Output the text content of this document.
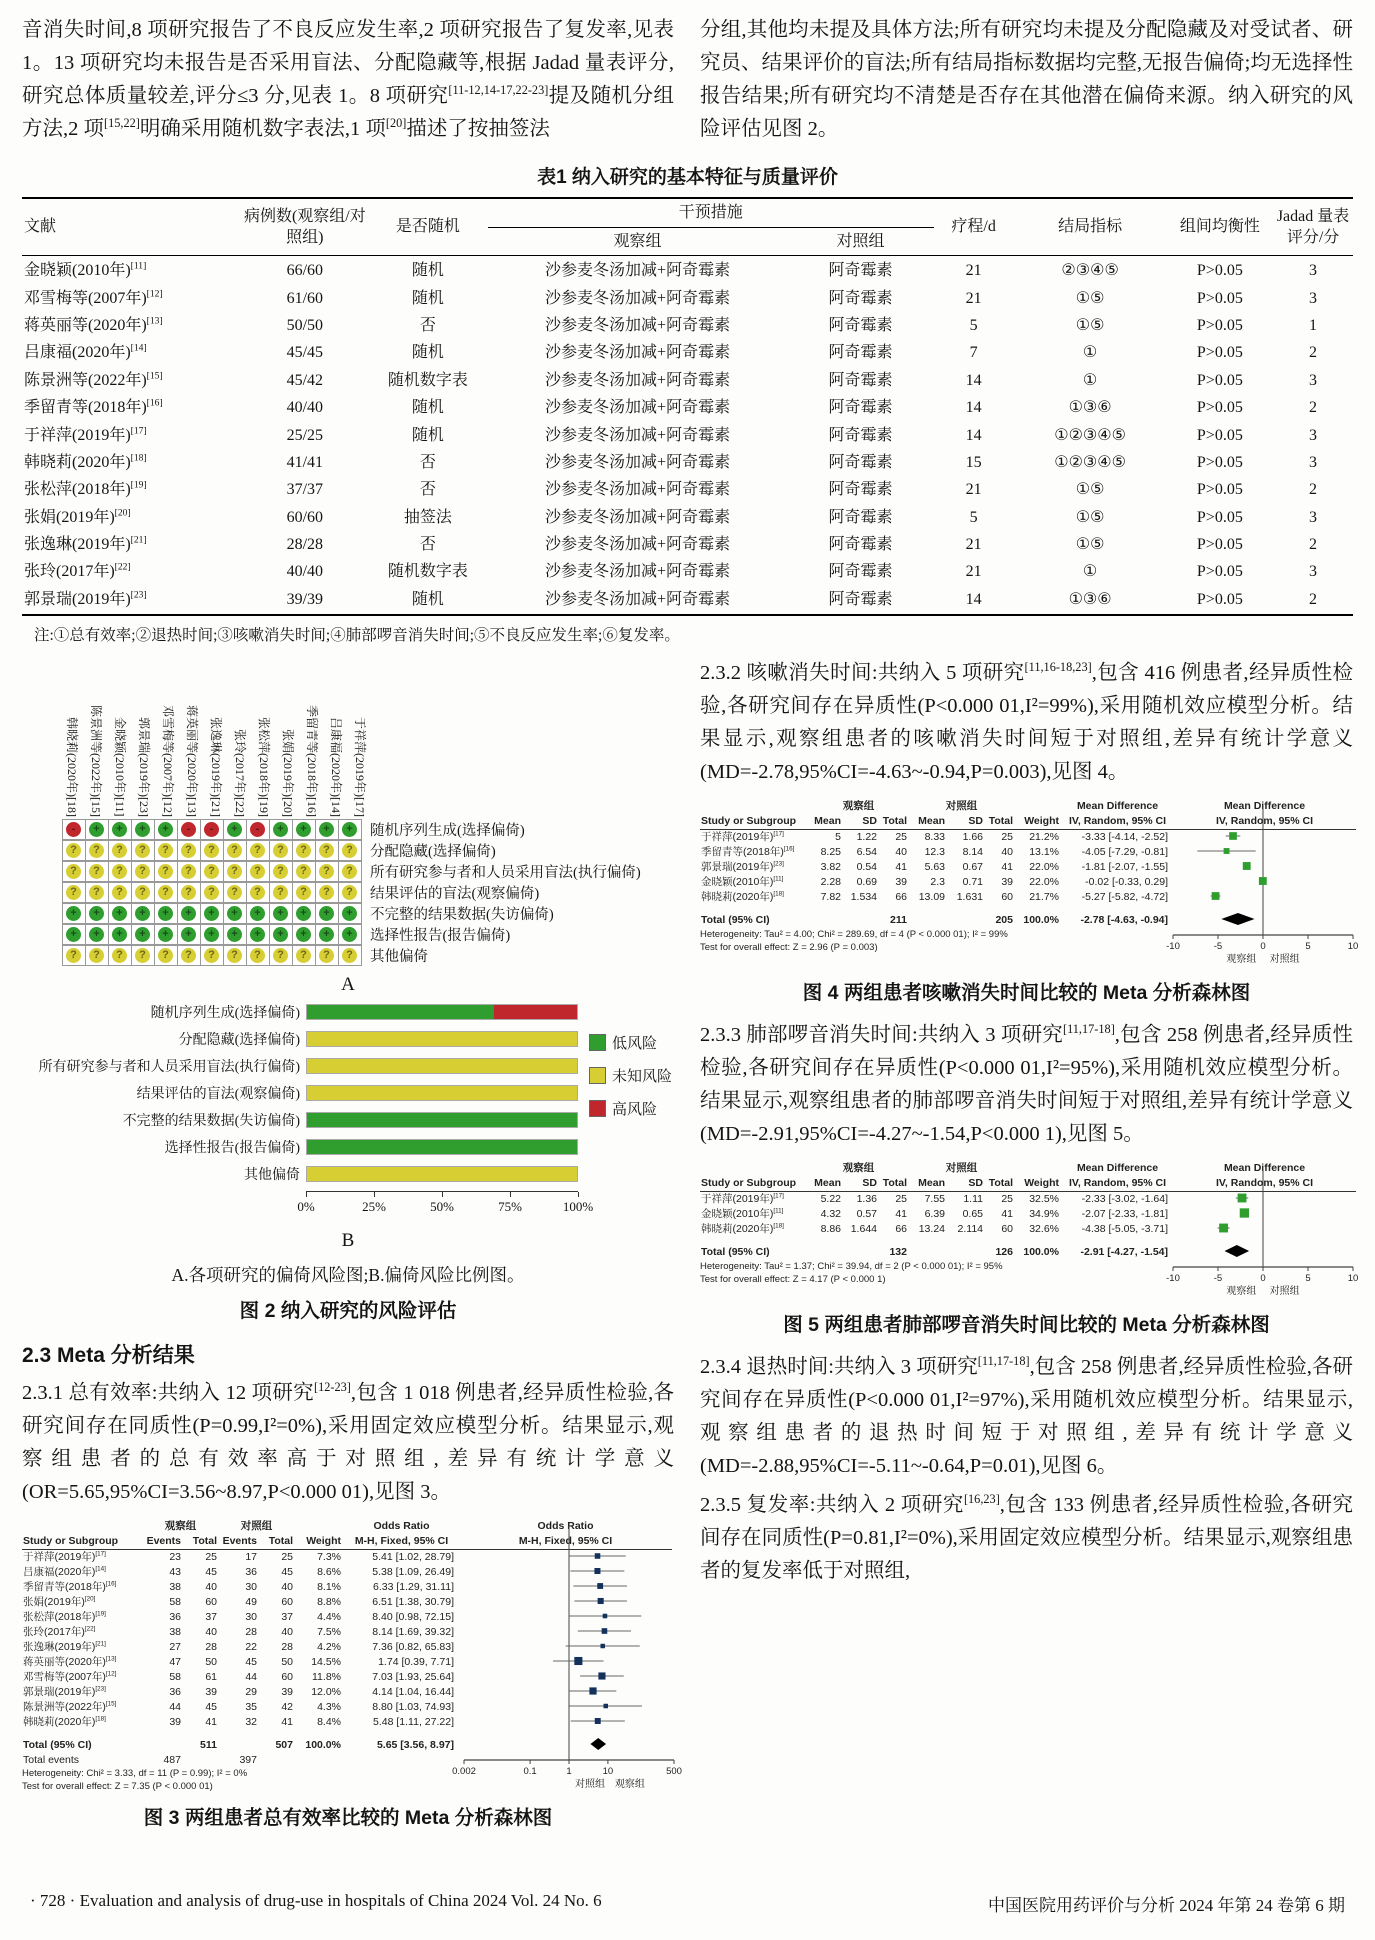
音消失时间,8 项研究报告了不良反应发生率,2 项研究报告了复发率,见表 1。13 项研究均未报告是否采用盲法、分配隐藏等,根据 Jadad 量表评分,研究总体质量较差,评分≤3 分,见表 1。8 项研究[11-12,14-17,22-23]提及随机分组方法,2 项[15,22]明确采用随机数字表法,1 项[20]描述了按抽签法

分组,其他均未提及具体方法;所有研究均未提及分配隐藏及对受试者、研究员、结果评价的盲法;所有结局指标数据均完整,无报告偏倚;均无选择性报告结果;所有研究均不清楚是否存在其他潜在偏倚来源。纳入研究的风险评估见图 2。

表1 纳入研究的基本特征与质量评价
文献	病例数(观察组/对照组)	是否随机	干预措施		疗程/d	结局指标	组间均衡性	Jadad 量表评分/分
			观察组	对照组				
金晓颖(2010年)[11]	66/60	随机	沙参麦冬汤加减+阿奇霉素	阿奇霉素	21	②③④⑤	P>0.05	3
邓雪梅等(2007年)[12]	61/60	随机	沙参麦冬汤加减+阿奇霉素	阿奇霉素	21	①⑤	P>0.05	3
蒋英丽等(2020年)[13]	50/50	否	沙参麦冬汤加减+阿奇霉素	阿奇霉素	5	①⑤	P>0.05	1
吕康福(2020年)[14]	45/45	随机	沙参麦冬汤加减+阿奇霉素	阿奇霉素	7	①	P>0.05	2
陈景洲等(2022年)[15]	45/42	随机数字表	沙参麦冬汤加减+阿奇霉素	阿奇霉素	14	①	P>0.05	3
季留青等(2018年)[16]	40/40	随机	沙参麦冬汤加减+阿奇霉素	阿奇霉素	14	①③⑥	P>0.05	2
于祥萍(2019年)[17]	25/25	随机	沙参麦冬汤加减+阿奇霉素	阿奇霉素	14	①②③④⑤	P>0.05	3
韩晓莉(2020年)[18]	41/41	否	沙参麦冬汤加减+阿奇霉素	阿奇霉素	15	①②③④⑤	P>0.05	3
张松萍(2018年)[19]	37/37	否	沙参麦冬汤加减+阿奇霉素	阿奇霉素	21	①⑤	P>0.05	2
张娟(2019年)[20]	60/60	抽签法	沙参麦冬汤加减+阿奇霉素	阿奇霉素	5	①⑤	P>0.05	3
张逸琳(2019年)[21]	28/28	否	沙参麦冬汤加减+阿奇霉素	阿奇霉素	21	①⑤	P>0.05	2
张玲(2017年)[22]	40/40	随机数字表	沙参麦冬汤加减+阿奇霉素	阿奇霉素	21	①	P>0.05	3
郭景瑞(2019年)[23]	39/39	随机	沙参麦冬汤加减+阿奇霉素	阿奇霉素	14	①③⑥	P>0.05	2
注:①总有效率;②退热时间;③咳嗽消失时间;④肺部啰音消失时间;⑤不良反应发生率;⑥复发率。
韩晓莉(2020年)[18] 陈景洲等(2022年)[15] 金晓颖(2010年)[11] 郭景瑞(2019年)[23] 邓雪梅等(2007年)[12] 蒋英丽等(2020年)[13] 张逸琳(2019年)[21] 张玲(2017年)[22] 张松萍(2018年)[19] 张娟(2019年)[20] 季留青等(2018年)[16] 吕康福(2020年)[14] 于祥萍(2019年)[17]
-	+	+	+	+	-	-	+	-	+	+	+	+ 随机序列生成(选择偏倚)
?	?	?	?	?	?	?	?	?	?	?	?	? 分配隐藏(选择偏倚)
?	?	?	?	?	?	?	?	?	?	?	?	? 所有研究参与者和人员采用盲法(执行偏倚)
?	?	?	?	?	?	?	?	?	?	?	?	? 结果评估的盲法(观察偏倚)
+	+	+	+	+	+	+	+	+	+	+	+	+ 不完整的结果数据(失访偏倚)
+	+	+	+	+	+	+	+	+	+	+	+	+ 选择性报告(报告偏倚)
?	?	?	?	?	?	?	?	?	?	?	?	? 其他偏倚
A
随机序列生成(选择偏倚)
分配隐藏(选择偏倚)
所有研究参与者和人员采用盲法(执行偏倚)
结果评估的盲法(观察偏倚)
不完整的结果数据(失访偏倚)
选择性报告(报告偏倚)
其他偏倚
0%	25%	50%	75%	100%
低风险
未知风险
高风险
B
A.各项研究的偏倚风险图;B.偏倚风险比例图。
图 2 纳入研究的风险评估
2.3 Meta 分析结果

2.3.1 总有效率:共纳入 12 项研究[12-23],包含 1 018 例患者,经异质性检验,各研究间存在同质性(P=0.99,I²=0%),采用固定效应模型分析。结果显示,观察组患者的总有效率高于对照组,差异有统计学意义(OR=5.65,95%CI=3.56~8.97,P<0.000 01),见图 3。

观察组	对照组	Odds Ratio	Odds Ratio
Study or Subgroup	Events	Total Events	Total	Weight	M-H, Fixed, 95% CI	M-H, Fixed, 95% CI
于祥萍(2019年)[17]	23	25	17	25	7.3%	5.41 [1.02, 28.79]
吕康福(2020年)[14]	43	45	36	45	8.6%	5.38 [1.09, 26.49]
季留青等(2018年)[16]	38	40	30	40	8.1%	6.33 [1.29, 31.11]
张娟(2019年)[20]	58	60	49	60	8.8%	6.51 [1.38, 30.79]
张松萍(2018年)[19]	36	37	30	37	4.4%	8.40 [0.98, 72.15]
张玲(2017年)[22]	38	40	28	40	7.5%	8.14 [1.69, 39.32]
张逸琳(2019年)[21]	27	28	22	28	4.2%	7.36 [0.82, 65.83]
蒋英丽等(2020年)[13]	47	50	45	50	14.5%	1.74 [0.39, 7.71]
邓雪梅等(2007年)[12]	58	61	44	60	11.8%	7.03 [1.93, 25.64]
郭景瑞(2019年)[23]	36	39	29	39	12.0%	4.14 [1.04, 16.44]
陈景洲等(2022年)[15]	44	45	35	42	4.3%	8.80 [1.03, 74.93]
韩晓莉(2020年)[18]	39	41	32	41	8.4%	5.48 [1.11, 27.22]
Total (95% CI)	511	507	100.0%	5.65 [3.56, 8.97]
Total events	487	397
Heterogeneity: Chi² = 3.33, df = 11 (P = 0.99); I² = 0%
Test for overall effect: Z = 7.35 (P < 0.000 01)
0.002	0.1	1	10	500
对照组 观察组
图 3 两组患者总有效率比较的 Meta 分析森林图

2.3.2 咳嗽消失时间:共纳入 5 项研究[11,16-18,23],包含 416 例患者,经异质性检验,各研究间存在异质性(P<0.000 01,I²=99%),采用随机效应模型分析。结果显示,观察组患者的咳嗽消失时间短于对照组,差异有统计学意义(MD=-2.78,95%CI=-4.63~-0.94,P=0.003),见图 4。

观察组	对照组	Mean Difference	Mean Difference
Study or Subgroup	Mean	SD Total	Mean	SD Total	Weight IV, Random, 95% CI	IV, Random, 95% CI
于祥萍(2019年)[17]	5	1.22	25	8.33	1.66	25	21.2%	-3.33 [-4.14, -2.52]
季留青等(2018年)[16]	8.25	6.54	40	12.3	8.14	40	13.1%	-4.05 [-7.29, -0.81]
郭景瑞(2019年)[23]	3.82	0.54	41	5.63	0.67	41	22.0%	-1.81 [-2.07, -1.55]
金晓颖(2010年)[11]	2.28	0.69	39	2.3	0.71	39	22.0%	-0.02 [-0.33, 0.29]
韩晓莉(2020年)[18]	7.82 1.534	66	13.09	1.631	60	21.7%	-5.27 [-5.82, -4.72]
Total (95% CI)	211	205 100.0%	-2.78 [-4.63, -0.94]
Heterogeneity: Tau² = 4.00; Chi² = 289.69, df = 4 (P < 0.000 01); I² = 99%
Test for overall effect: Z = 2.96 (P = 0.003)	-10	-5	0	5	10
观察组 对照组
图 4 两组患者咳嗽消失时间比较的 Meta 分析森林图

2.3.3 肺部啰音消失时间:共纳入 3 项研究[11,17-18],包含 258 例患者,经异质性检验,各研究间存在异质性(P<0.000 01,I²=95%),采用随机效应模型分析。结果显示,观察组患者的肺部啰音消失时间短于对照组,差异有统计学意义(MD=-2.91,95%CI=-4.27~-1.54,P<0.000 1),见图 5。

观察组	对照组	Mean Difference	Mean Difference
Study or Subgroup	Mean	SD Total	Mean	SD Total	Weight IV, Random, 95% CI	IV, Random, 95% CI
于祥萍(2019年)[17]	5.22	1.36	25	7.55	1.11	25	32.5%	-2.33 [-3.02, -1.64]
金晓颖(2010年)[11]	4.32	0.57	41	6.39	0.65	41	34.9%	-2.07 [-2.33, -1.81]
韩晓莉(2020年)[18]	8.86 1.644	66	13.24	2.114	60	32.6%	-4.38 [-5.05, -3.71]
Total (95% CI)	132	126 100.0%	-2.91 [-4.27, -1.54]
Heterogeneity: Tau² = 1.37; Chi² = 39.94, df = 2 (P < 0.000 01); I² = 95%
Test for overall effect: Z = 4.17 (P < 0.000 1)	-10	-5	0	5	10
观察组 对照组
图 5 两组患者肺部啰音消失时间比较的 Meta 分析森林图

2.3.4 退热时间:共纳入 3 项研究[11,17-18],包含 258 例患者,经异质性检验,各研究间存在异质性(P<0.000 01,I²=97%),采用随机效应模型分析。结果显示,观察组患者的退热时间短于对照组,差异有统计学意义(MD=-2.88,95%CI=-5.11~-0.64,P=0.01),见图 6。

2.3.5 复发率:共纳入 2 项研究[16,23],包含 133 例患者,经异质性检验,各研究间存在同质性(P=0.81,I²=0%),采用固定效应模型分析。结果显示,观察组患者的复发率低于对照组,

· 728 · Evaluation and analysis of drug-use in hospitals of China 2024 Vol. 24 No. 6	中国医院用药评价与分析 2024 年第 24 卷第 6 期
